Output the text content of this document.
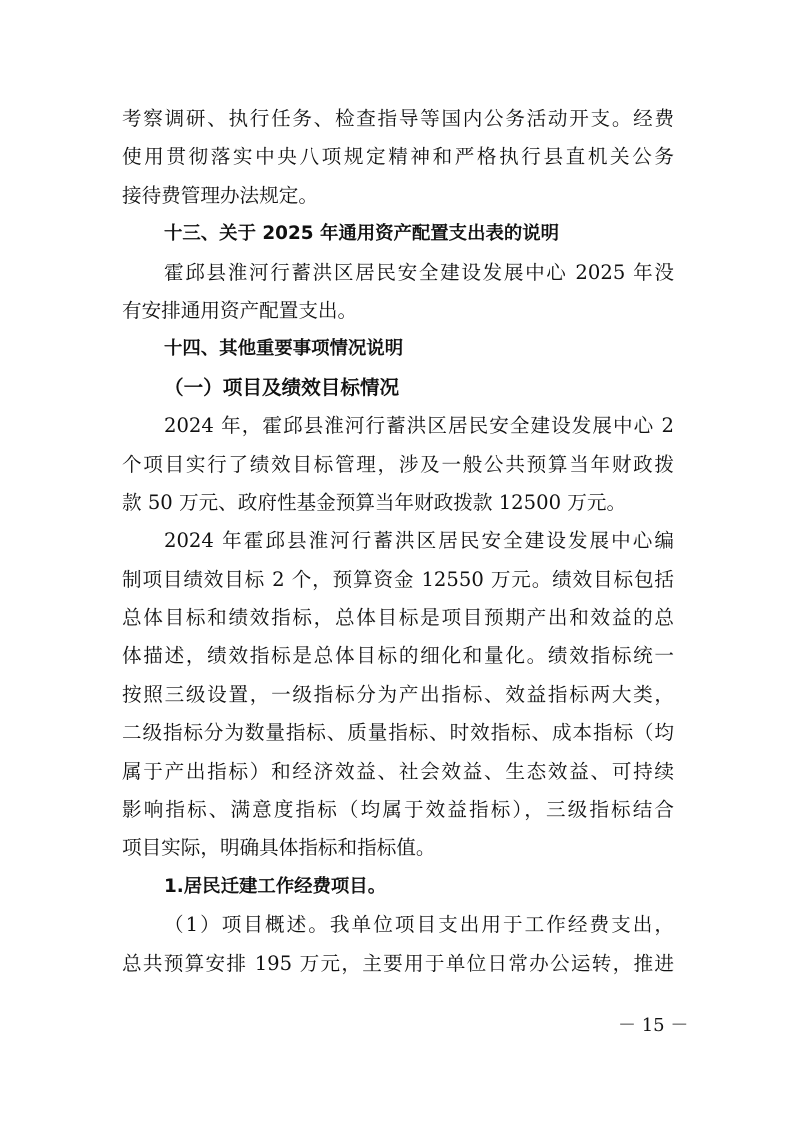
考察调研、执行任务、检查指导等国内公务活动开支。经费
使用贯彻落实中央八项规定精神和严格执行县直机关公务
接待费管理办法规定。
十三、关于 2025 年通用资产配置支出表的说明
霍邱县淮河行蓄洪区居民安全建设发展中心 2025 年没
有安排通用资产配置支出。
十四、其他重要事项情况说明
（一）项目及绩效目标情况
2024 年，霍邱县淮河行蓄洪区居民安全建设发展中心 2
个项目实行了绩效目标管理，涉及一般公共预算当年财政拨
款 50 万元、政府性基金预算当年财政拨款 12500 万元。
2024 年霍邱县淮河行蓄洪区居民安全建设发展中心编
制项目绩效目标 2 个，预算资金 12550 万元。绩效目标包括
总体目标和绩效指标，总体目标是项目预期产出和效益的总
体描述，绩效指标是总体目标的细化和量化。绩效指标统一
按照三级设置，一级指标分为产出指标、效益指标两大类，
二级指标分为数量指标、质量指标、时效指标、成本指标（均
属于产出指标）和经济效益、社会效益、生态效益、可持续
影响指标、满意度指标（均属于效益指标），三级指标结合
项目实际，明确具体指标和指标值。
1.居民迁建工作经费项目。
（1）项目概述。我单位项目支出用于工作经费支出，
总共预算安排 195 万元，主要用于单位日常办公运转，推进
－ 15 －
